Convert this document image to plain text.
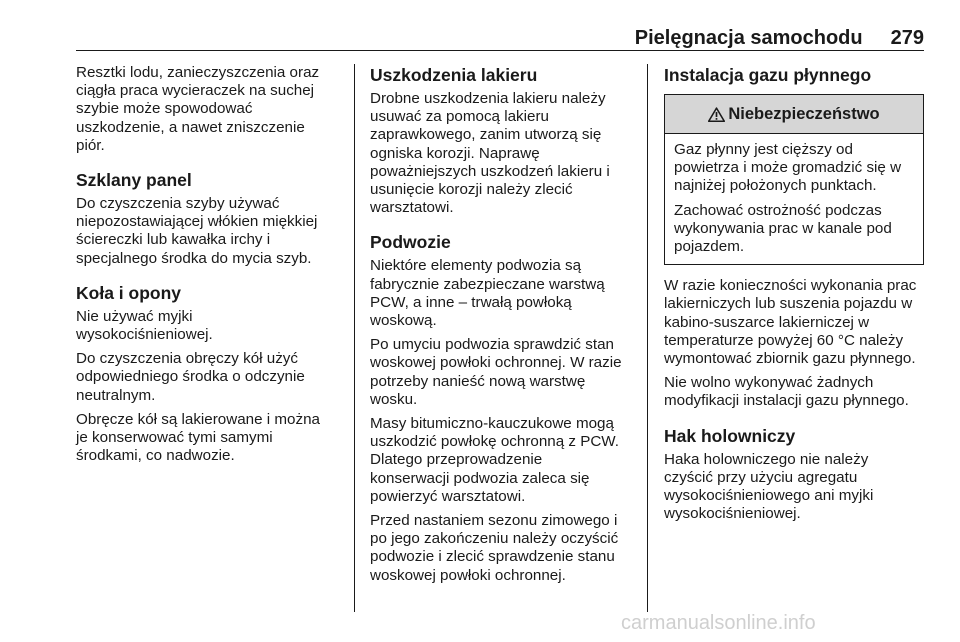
Pielęgnacja samochodu 279

Resztki lodu, zanieczyszczenia oraz
ciągła praca wycieraczek na suchej
szybie może spowodować
uszkodzenie, a nawet zniszczenie
piór.

Szklany panel

Do czyszczenia szyby używać
niepozostawiającej włókien miękkiej
ściereczki lub kawałka irchy i
specjalnego środka do mycia szyb.

Koła i opony

Nie używać myjki
wysokociśnieniowej.

Do czyszczenia obręczy kół użyć
odpowiedniego środka o odczynie
neutralnym.

Obręcze kół są lakierowane i można
je konserwować tymi samymi
środkami, co nadwozie.

Uszkodzenia lakieru

Drobne uszkodzenia lakieru należy
usuwać za pomocą lakieru
zaprawkowego, zanim utworzą się
ogniska korozji. Naprawę
poważniejszych uszkodzeń lakieru i
usunięcie korozji należy zlecić
warsztatowi.

Podwozie

Niektóre elementy podwozia są
fabrycznie zabezpieczane warstwą
PCW, a inne – trwałą powłoką
woskową.

Po umyciu podwozia sprawdzić stan
woskowej powłoki ochronnej. W razie
potrzeby nanieść nową warstwę
wosku.

Masy bitumiczno-kauczukowe mogą
uszkodzić powłokę ochronną z PCW.
Dlatego przeprowadzenie
konserwacji podwozia zaleca się
powierzyć warsztatowi.

Przed nastaniem sezonu zimowego i
po jego zakończeniu należy oczyścić
podwozie i zlecić sprawdzenie stanu
woskowej powłoki ochronnej.

Instalacja gazu płynnego
Niebezpieczeństwo

Gaz płynny jest cięższy od
powietrza i może gromadzić się w
najniżej położonych punktach.

Zachować ostrożność podczas
wykonywania prac w kanale pod
pojazdem.

W razie konieczności wykonania prac
lakierniczych lub suszenia pojazdu w
kabino-suszarce lakierniczej w
temperaturze powyżej 60 °C należy
wymontować zbiornik gazu płynnego.

Nie wolno wykonywać żadnych
modyfikacji instalacji gazu płynnego.

Hak holowniczy

Haka holowniczego nie należy
czyścić przy użyciu agregatu
wysokociśnieniowego ani myjki
wysokociśnieniowej.

carmanualsonline.info
